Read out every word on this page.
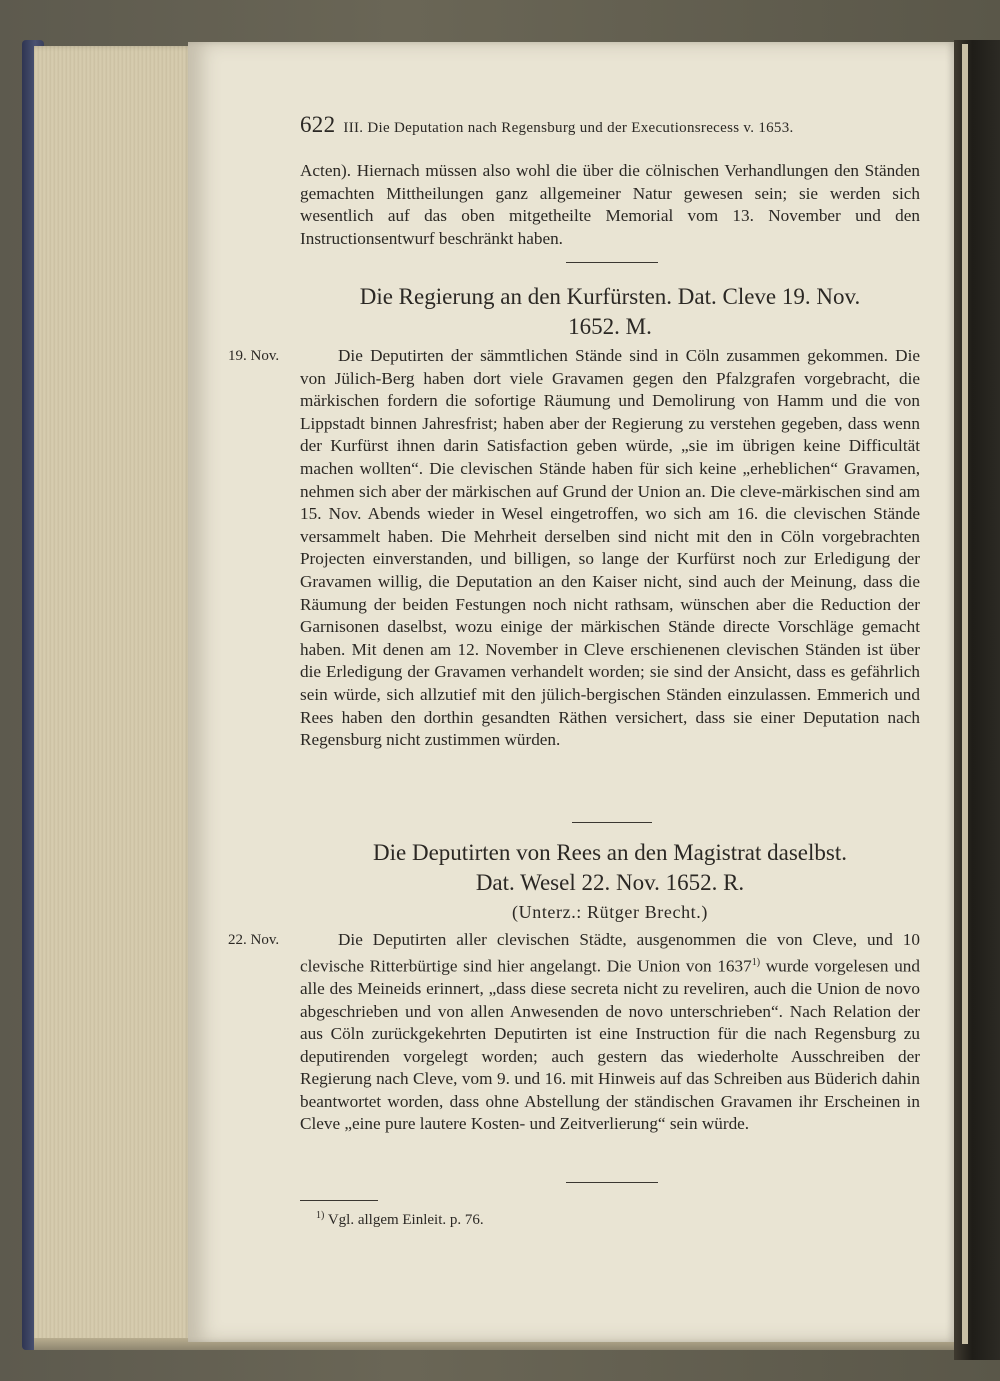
622 III. Die Deputation nach Regensburg und der Executionsrecess v. 1653.

Acten). Hiernach müssen also wohl die über die cölnischen Verhandlungen den Ständen gemachten Mittheilungen ganz allgemeiner Natur gewesen sein; sie werden sich wesentlich auf das oben mitgetheilte Memorial vom 13. November und den Instructionsentwurf beschränkt haben.

Die Regierung an den Kurfürsten. Dat. Cleve 19. Nov.
1652. M.
19. Nov.	Die Deputirten der sämmtlichen Stände sind in Cöln zusammen gekommen. Die von Jülich-Berg haben dort viele Gravamen gegen den Pfalzgrafen vorgebracht, die märkischen fordern die sofortige Räumung und Demolirung von Hamm und die von Lippstadt binnen Jahresfrist; haben aber der Regierung zu verstehen gegeben, dass wenn der Kurfürst ihnen darin Satisfaction geben würde, „sie im übrigen keine Difficultät machen wollten“. Die clevischen Stände haben für sich keine „erheblichen“ Gravamen, nehmen sich aber der märkischen auf Grund der Union an. Die cleve-märkischen sind am 15. Nov. Abends wieder in Wesel eingetroffen, wo sich am 16. die clevischen Stände versammelt haben. Die Mehrheit derselben sind nicht mit den in Cöln vorgebrachten Projecten einverstanden, und billigen, so lange der Kurfürst noch zur Erledigung der Gravamen willig, die Deputation an den Kaiser nicht, sind auch der Meinung, dass die Räumung der beiden Festungen noch nicht rathsam, wünschen aber die Reduction der Garnisonen daselbst, wozu einige der märkischen Stände directe Vorschläge gemacht haben. Mit denen am 12. November in Cleve erschienenen clevischen Ständen ist über die Erledigung der Gravamen verhandelt worden; sie sind der Ansicht, dass es gefährlich sein würde, sich allzutief mit den jülich-bergischen Ständen einzulassen. Emmerich und Rees haben den dorthin gesandten Räthen versichert, dass sie einer Deputation nach Regensburg nicht zustimmen würden.

Die Deputirten von Rees an den Magistrat daselbst.
Dat. Wesel 22. Nov. 1652. R.
(Unterz.: Rütger Brecht.)
22. Nov.	Die Deputirten aller clevischen Städte, ausgenommen die von Cleve, und 10 clevische Ritterbürtige sind hier angelangt. Die Union von 1637$^{1)}$ wurde vorgelesen und alle des Meineids erinnert, „dass diese secreta nicht zu reveliren, auch die Union de novo abgeschrieben und von allen Anwesenden de novo unterschrieben“. Nach Relation der aus Cöln zurückgekehrten Deputirten ist eine Instruction für die nach Regensburg zu deputirenden vorgelegt worden; auch gestern das wiederholte Ausschreiben der Regierung nach Cleve, vom 9. und 16. mit Hinweis auf das Schreiben aus Büderich dahin beantwortet worden, dass ohne Abstellung der ständischen Gravamen ihr Erscheinen in Cleve „eine pure lautere Kosten- und Zeitverlierung“ sein würde.

$^{1)}$ Vgl. allgem Einleit. p. 76.
